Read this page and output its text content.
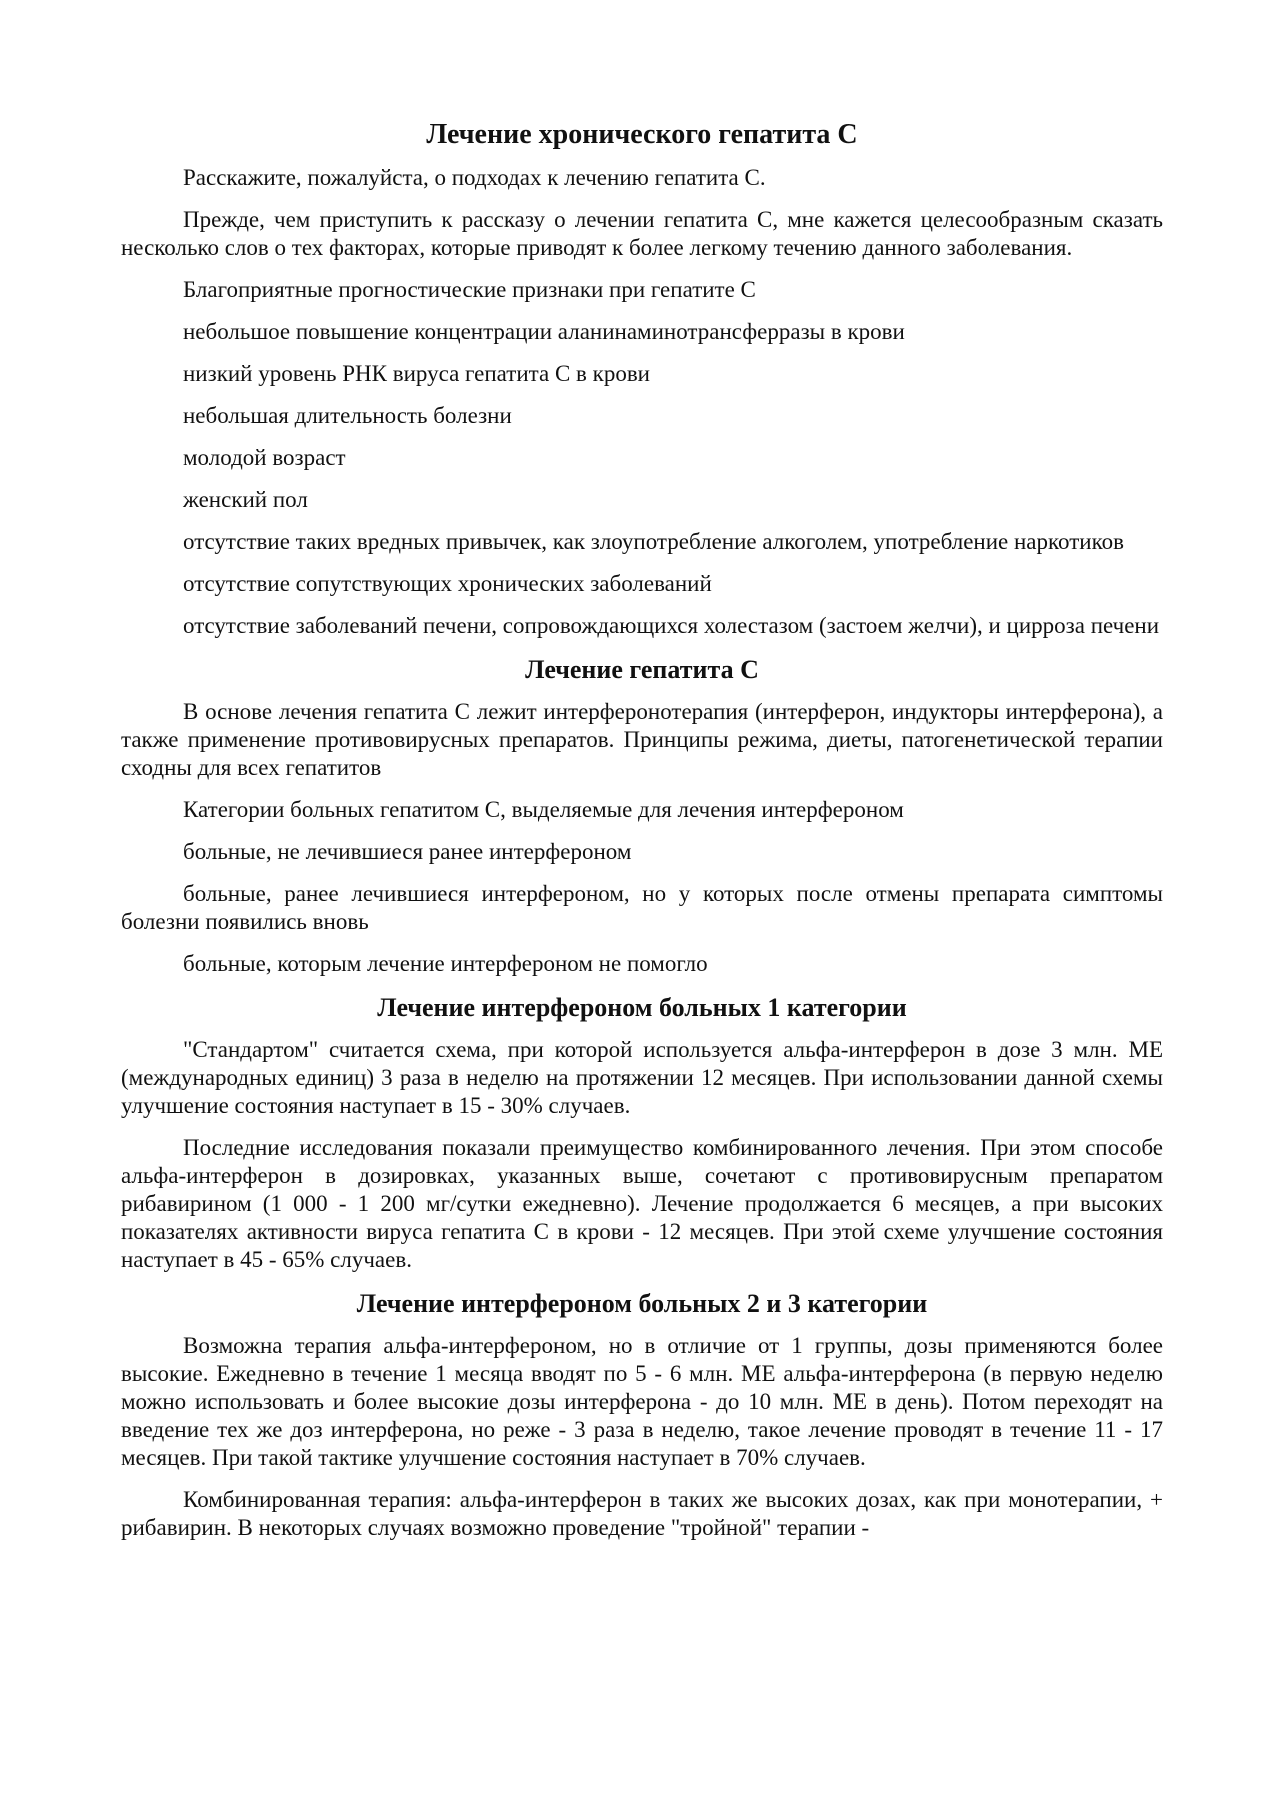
Лечение хронического гепатита С

Расскажите, пожалуйста, о подходах к лечению гепатита С.

Прежде, чем приступить к рассказу о лечении гепатита С, мне кажется целесообразным сказать несколько слов о тех факторах, которые приводят к более легкому течению данного заболевания.

Благоприятные прогностические признаки при гепатите С

небольшое повышение концентрации аланинаминотрансферразы в крови

низкий уровень РНК вируса гепатита С в крови

небольшая длительность болезни

молодой возраст

женский пол

отсутствие таких вредных привычек, как злоупотребление алкоголем, употребление наркотиков

отсутствие сопутствующих хронических заболеваний

отсутствие заболеваний печени, сопровождающихся холестазом (застоем желчи), и цирроза печени

Лечение гепатита С

В основе лечения гепатита С лежит интерферонотерапия (интерферон, индукторы интерферона), а также применение противовирусных препаратов. Принципы режима, диеты, патогенетической терапии сходны для всех гепатитов

Категории больных гепатитом С, выделяемые для лечения интерфероном

больные, не лечившиеся ранее интерфероном

больные, ранее лечившиеся интерфероном, но у которых после отмены препарата симптомы болезни появились вновь

больные, которым лечение интерфероном не помогло

Лечение интерфероном больных 1 категории

"Стандартом" считается схема, при которой используется альфа-интерферон в дозе 3 млн. МЕ (международных единиц) 3 раза в неделю на протяжении 12 месяцев. При использовании данной схемы улучшение состояния наступает в 15 - 30% случаев.

Последние исследования показали преимущество комбинированного лечения. При этом способе альфа-интерферон в дозировках, указанных выше, сочетают с противовирусным препаратом рибавирином (1 000 - 1 200 мг/сутки ежедневно). Лечение продолжается 6 месяцев, а при высоких показателях активности вируса гепатита С в крови - 12 месяцев. При этой схеме улучшение состояния наступает в 45 - 65% случаев.

Лечение интерфероном больных 2 и 3 категории

Возможна терапия альфа-интерфероном, но в отличие от 1 группы, дозы применяются более высокие. Ежедневно в течение 1 месяца вводят по 5 - 6 млн. МЕ альфа-интерферона (в первую неделю можно использовать и более высокие дозы интерферона - до 10 млн. МЕ в день). Потом переходят на введение тех же доз интерферона, но реже - 3 раза в неделю, такое лечение проводят в течение 11 - 17 месяцев. При такой тактике улучшение состояния наступает в 70% случаев.

Комбинированная терапия: альфа-интерферон в таких же высоких дозах, как при монотерапии, + рибавирин. В некоторых случаях возможно проведение "тройной" терапии -
